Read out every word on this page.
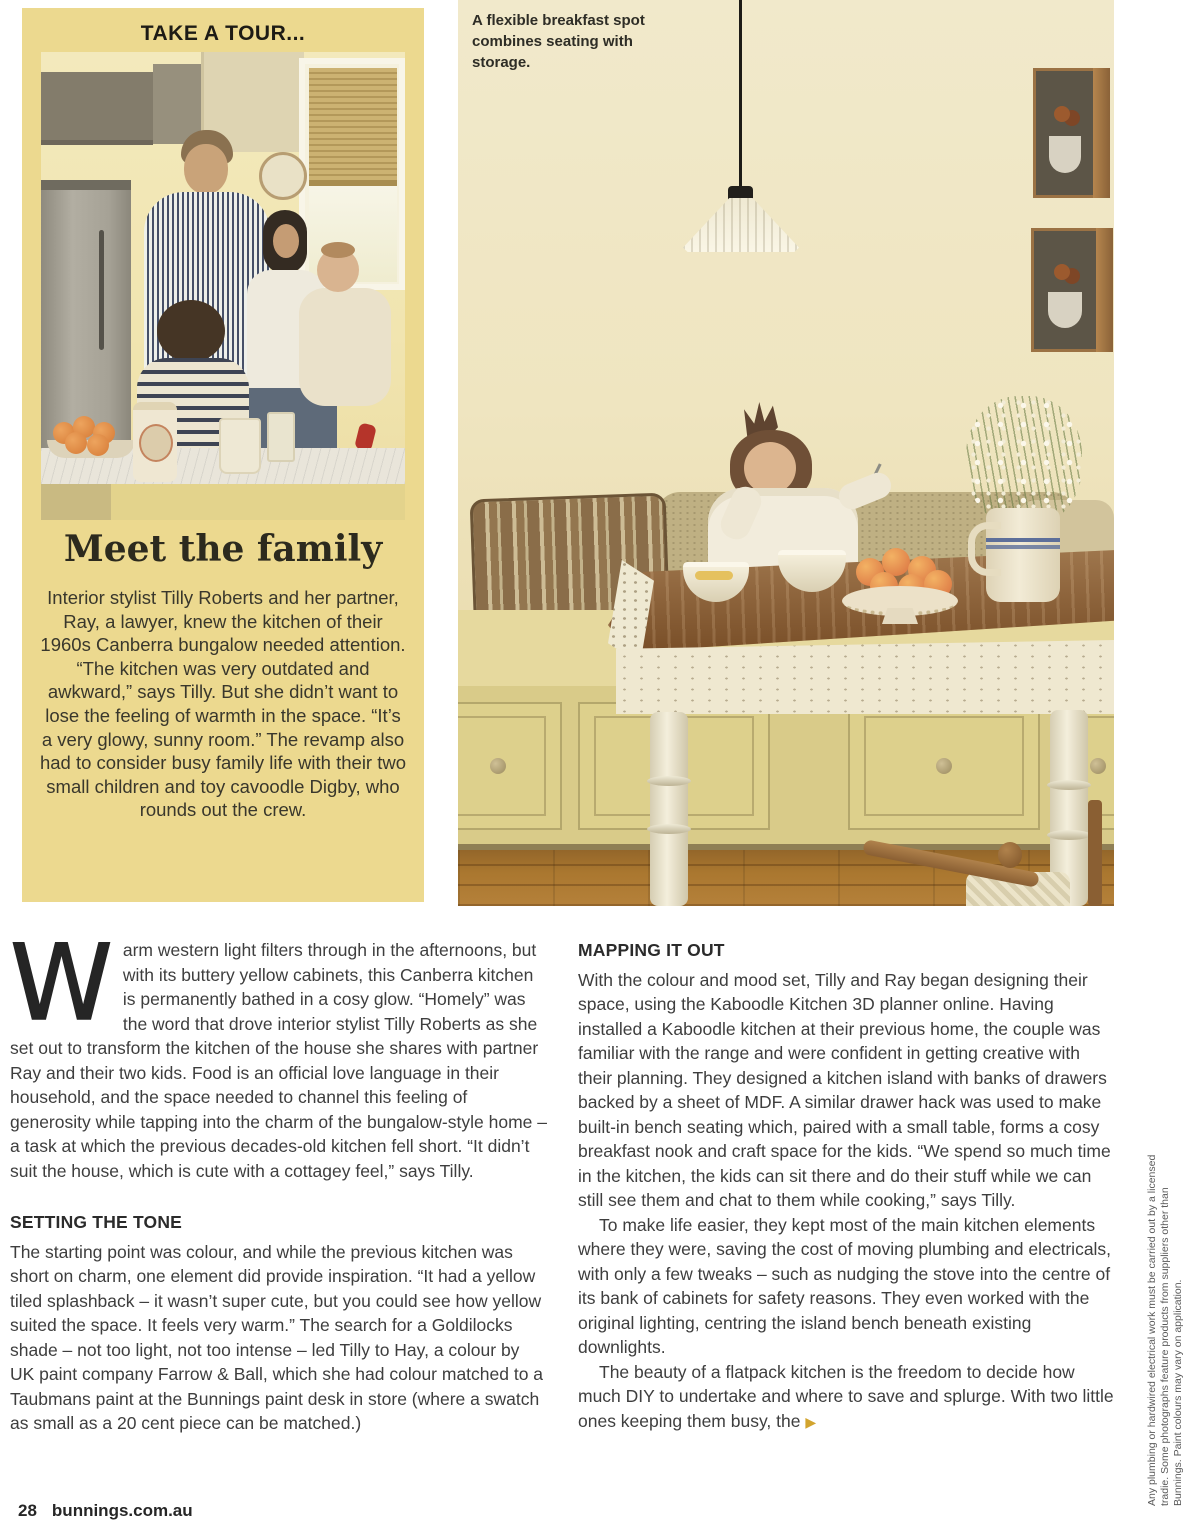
TAKE A TOUR...
Meet the family
Interior stylist Tilly Roberts and her partner, Ray, a lawyer, knew the kitchen of their 1960s Canberra bungalow needed attention. “The kitchen was very outdated and awkward,” says Tilly. But she didn’t want to lose the feeling of warmth in the space. “It’s a very glowy, sunny room.” The revamp also had to consider busy family life with their two small children and toy cavoodle Digby, who rounds out the crew.
A flexible breakfast spot combines seating with storage.

Warm western light filters through in the afternoons, but with its buttery yellow cabinets, this Canberra kitchen is permanently bathed in a cosy glow. “Homely” was the word that drove interior stylist Tilly Roberts as she set out to transform the kitchen of the house she shares with partner Ray and their two kids. Food is an official love language in their household, and the space needed to channel this feeling of generosity while tapping into the charm of the bungalow-style home – a task at which the previous decades-old kitchen fell short. “It didn’t suit the house, which is cute with a cottagey feel,” says Tilly.

SETTING THE TONE

The starting point was colour, and while the previous kitchen was short on charm, one element did provide inspiration. “It had a yellow tiled splashback – it wasn’t super cute, but you could see how yellow suited the space. It feels very warm.” The search for a Goldilocks shade – not too light, not too intense – led Tilly to Hay, a colour by UK paint company Farrow & Ball, which she had colour matched to a Taubmans paint at the Bunnings paint desk in store (where a swatch as small as a 20 cent piece can be matched.)

MAPPING IT OUT

With the colour and mood set, Tilly and Ray began designing their space, using the Kaboodle Kitchen 3D planner online. Having installed a Kaboodle kitchen at their previous home, the couple was familiar with the range and were confident in getting creative with their planning. They designed a kitchen island with banks of drawers backed by a sheet of MDF. A similar drawer hack was used to make built-in bench seating which, paired with a small table, forms a cosy breakfast nook and craft space for the kids. “We spend so much time in the kitchen, the kids can sit there and do their stuff while we can still see them and chat to them while cooking,” says Tilly.

To make life easier, they kept most of the main kitchen elements where they were, saving the cost of moving plumbing and electricals, with only a few tweaks – such as nudging the stove into the centre of its bank of cabinets for safety reasons. They even worked with the original lighting, centring the island bench beneath existing downlights.

The beauty of a flatpack kitchen is the freedom to decide how much DIY to undertake and where to save and splurge. With two little ones keeping them busy, the ▶	Any plumbing or hardwired electrical work must be carried out by a licensed tradie. Some photographs feature products from suppliers other than Bunnings. Paint colours may vary on application.
28 bunnings.com.au
